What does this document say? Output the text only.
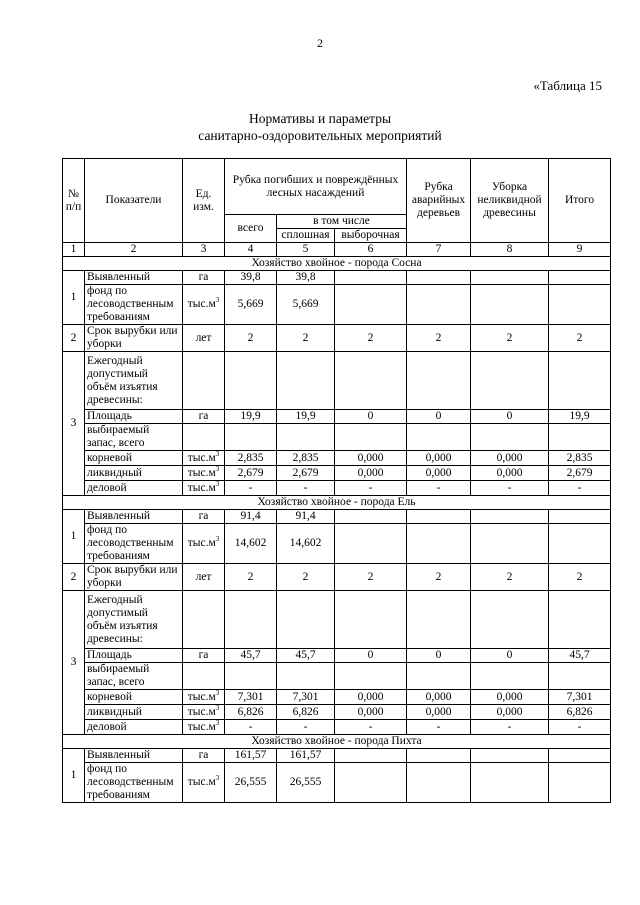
2
«Таблица 15
Нормативы и параметры
санитарно-оздоровительных мероприятий
№ п/п	Показатели	Ед. изм.	Рубка погибших и повреждённых лесных насаждений			Рубка аварийных деревьев	Уборка неликвидной древесины	Итого	
			всего	в том числе					
				сплошная	выборочная				
1	2	3	4	5	6	7	8	9	
Хозяйство хвойное - порода Сосна									
1	Выявленный	га	39,8	39,8					
	фонд по лесоводственным требованиям	$тыс.м^3$	5,669	5,669					
2	Срок вырубки или уборки	лет	2	2	2	2	2	2	
3	Ежегодный допустимый объём изъятия древесины:								
	Площадь	га	19,9	19,9	0	0	0	19,9	
	выбираемый запас, всего								
	корневой	$тыс.м^3$	2,835	2,835	0,000	0,000	0,000	2,835	
	ликвидный	$тыс.м^3$	2,679	2,679	0,000	0,000	0,000	2,679	
	деловой	$тыс.м^3$	-	-	-	-	-	-	
Хозяйство хвойное - порода Ель									
1	Выявленный	га	91,4	91,4					
	фонд по лесоводственным требованиям	$тыс.м^3$	14,602	14,602					
2	Срок вырубки или уборки	лет	2	2	2	2	2	2	
3	Ежегодный допустимый объём изъятия древесины:								
	Площадь	га	45,7	45,7	0	0	0	45,7	
	выбираемый запас, всего								
	корневой	$тыс.м^3$	7,301	7,301	0,000	0,000	0,000	7,301	
	ликвидный	$тыс.м^3$	6,826	6,826	0,000	0,000	0,000	6,826	
	деловой	$тыс.м^3$	-	-	-	-	-	-	
Хозяйство хвойное - порода Пихта									
1	Выявленный	га	161,57	161,57					
	фонд по лесоводственным требованиям	$тыс.м^3$	26,555	26,555					
